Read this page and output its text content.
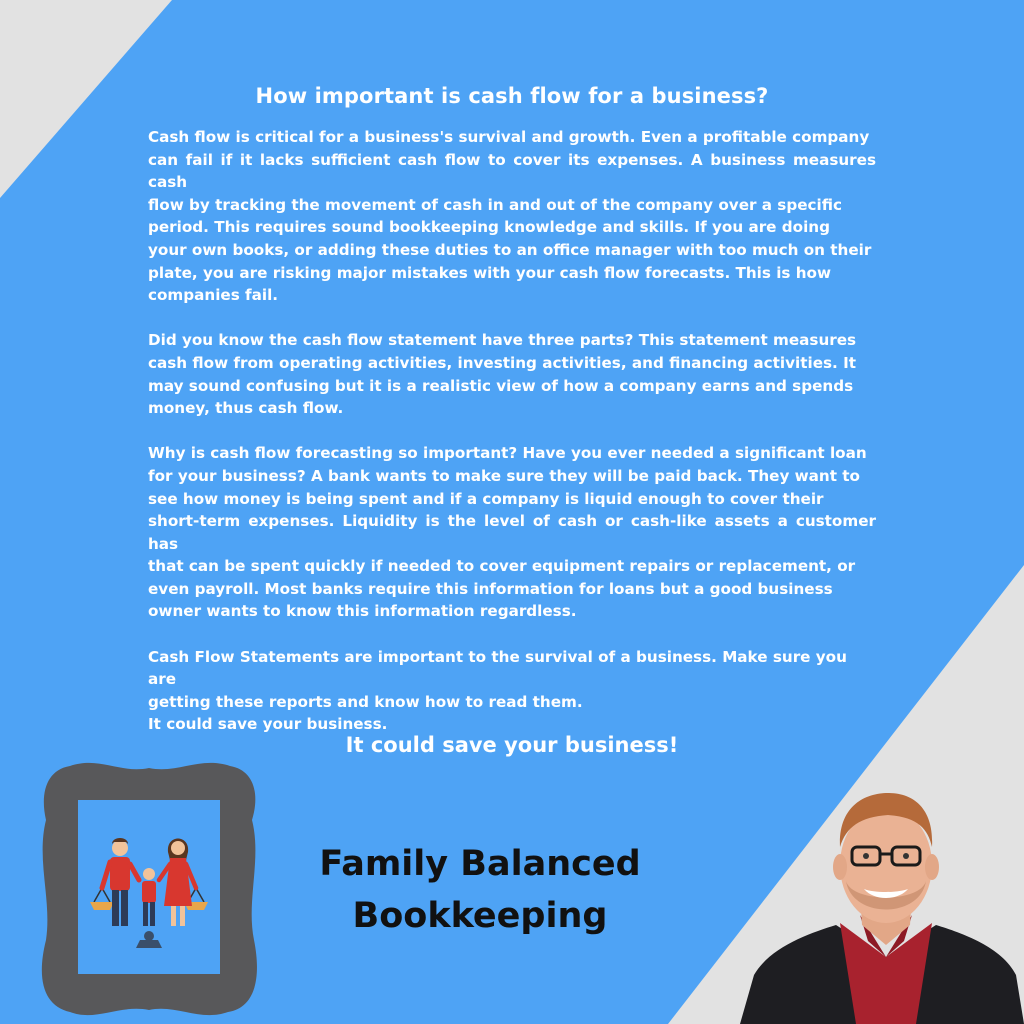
How important is cash flow for a business?

Cash flow is critical for a business's survival and growth. Even a profitable company
can fail if it lacks sufficient cash flow to cover its expenses. A business measures cash
flow by tracking the movement of cash in and out of the company over a specific
period. This requires sound bookkeeping knowledge and skills. If you are doing
your own books, or adding these duties to an office manager with too much on their
plate, you are risking major mistakes with your cash flow forecasts. This is how
companies fail.

Did you know the cash flow statement have three parts? This statement measures
cash flow from operating activities, investing activities, and financing activities. It
may sound confusing but it is a realistic view of how a company earns and spends
money, thus cash flow.

Why is cash flow forecasting so important? Have you ever needed a significant loan
for your business? A bank wants to make sure they will be paid back. They want to
see how money is being spent and if a company is liquid enough to cover their
short-term expenses. Liquidity is the level of cash or cash-like assets a customer has
that can be spent quickly if needed to cover equipment repairs or replacement, or
even payroll. Most banks require this information for loans but a good business
owner wants to know this information regardless.

Cash Flow Statements are important to the survival of a business. Make sure you are
getting these reports and know how to read them.
It could save your business.

It could save your business!
Family Balanced
Bookkeeping
